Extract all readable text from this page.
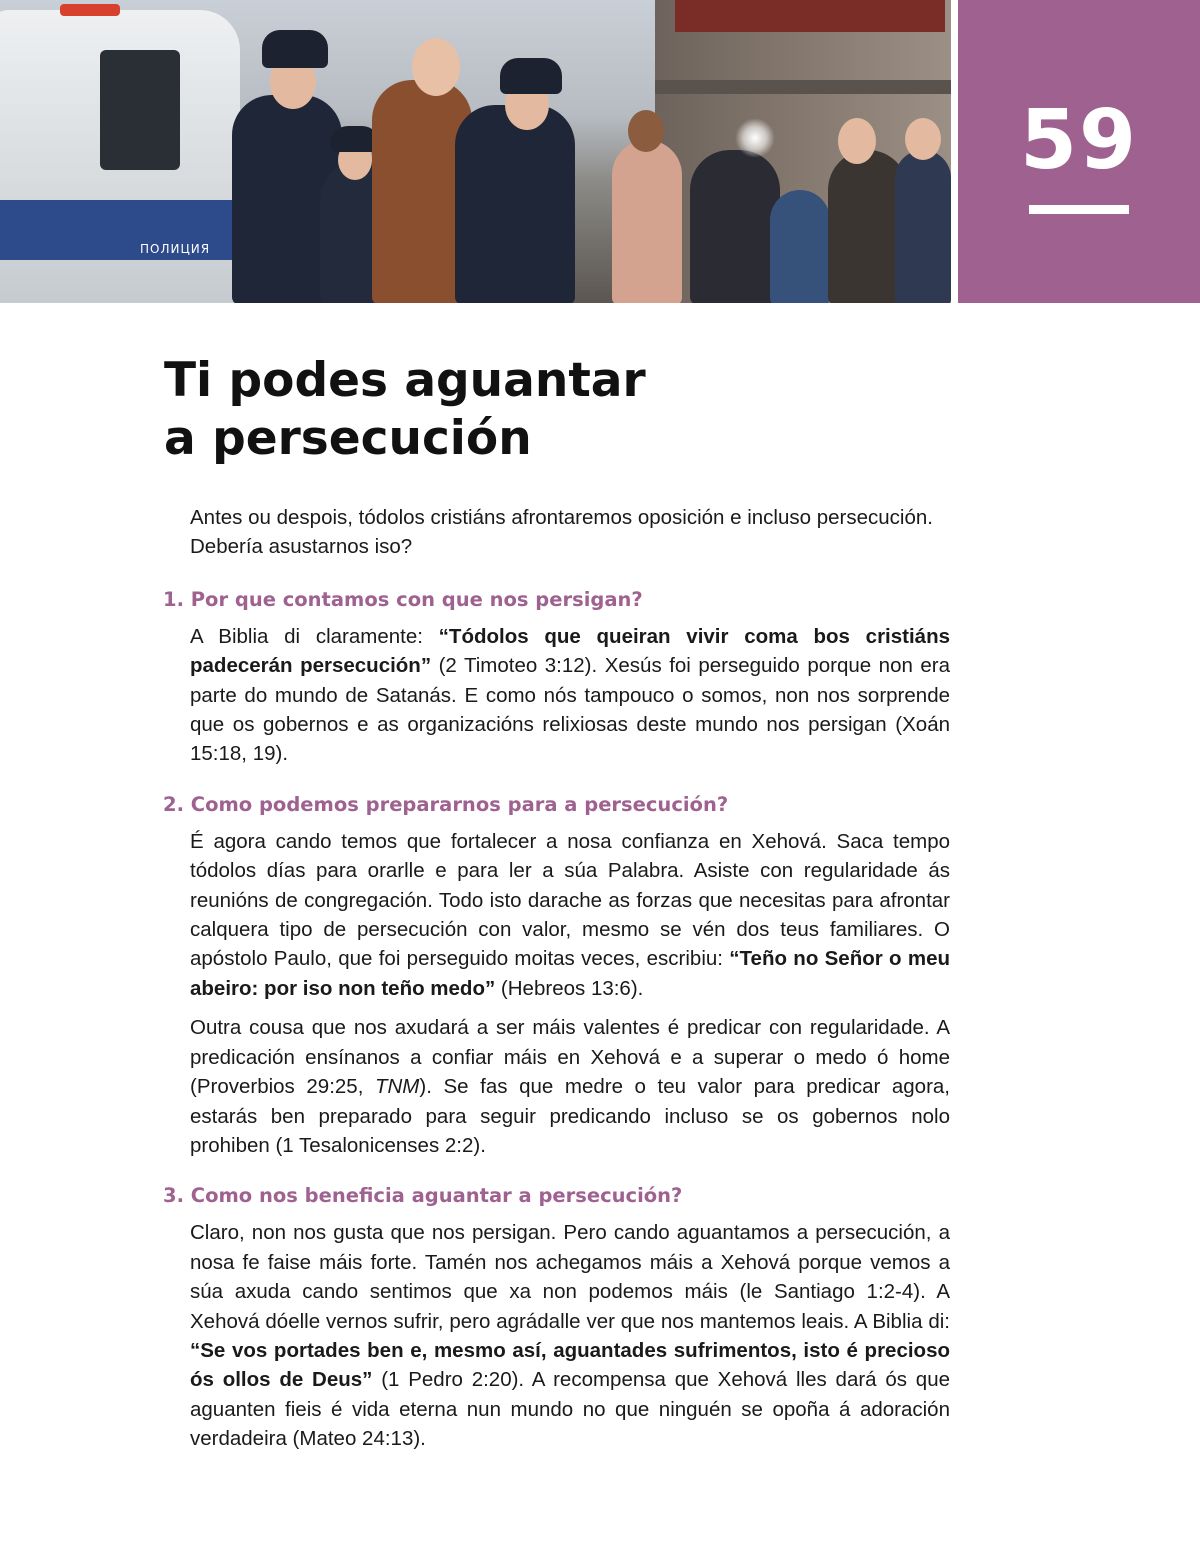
ПОЛИЦИЯ
59
Ti podes aguantar
a persecución

Antes ou despois, tódolos cristiáns afrontaremos oposición e incluso persecución. Debería asustarnos iso?

1. Por que contamos con que nos persigan?

A Biblia di claramente: “Tódolos que queiran vivir coma bos cristiáns padecerán persecución” (2 Timoteo 3:12). Xesús foi perseguido porque non era parte do mundo de Satanás. E como nós tampouco o somos, non nos sorprende que os gobernos e as organizacións relixiosas deste mundo nos persigan (Xoán 15:18, 19).

2. Como podemos prepararnos para a persecución?

É agora cando temos que fortalecer a nosa confianza en Xehová. Saca tempo tódolos días para orarlle e para ler a súa Palabra. Asiste con regularidade ás reunións de congregación. Todo isto darache as forzas que necesitas para afrontar calquera tipo de persecución con valor, mesmo se vén dos teus familiares. O apóstolo Paulo, que foi perseguido moitas veces, escribiu: “Teño no Señor o meu abeiro: por iso non teño medo” (Hebreos 13:6).

Outra cousa que nos axudará a ser máis valentes é predicar con regularidade. A predicación ensínanos a confiar máis en Xehová e a superar o medo ó home (Proverbios 29:25, TNM). Se fas que medre o teu valor para predicar agora, estarás ben preparado para seguir predicando incluso se os gobernos nolo prohiben (1 Tesalonicenses 2:2).

3. Como nos beneficia aguantar a persecución?

Claro, non nos gusta que nos persigan. Pero cando aguantamos a persecución, a nosa fe faise máis forte. Tamén nos achegamos máis a Xehová porque vemos a súa axuda cando sentimos que xa non podemos máis (le Santiago 1:2-4). A Xehová dóelle vernos sufrir, pero agrádalle ver que nos mantemos leais. A Biblia di: “Se vos portades ben e, mesmo así, aguantades sufrimentos, isto é precioso ós ollos de Deus” (1 Pedro 2:20). A recompensa que Xehová lles dará ós que aguanten fieis é vida eterna nun mundo no que ninguén se opoña á adoración verdadeira (Mateo 24:13).
